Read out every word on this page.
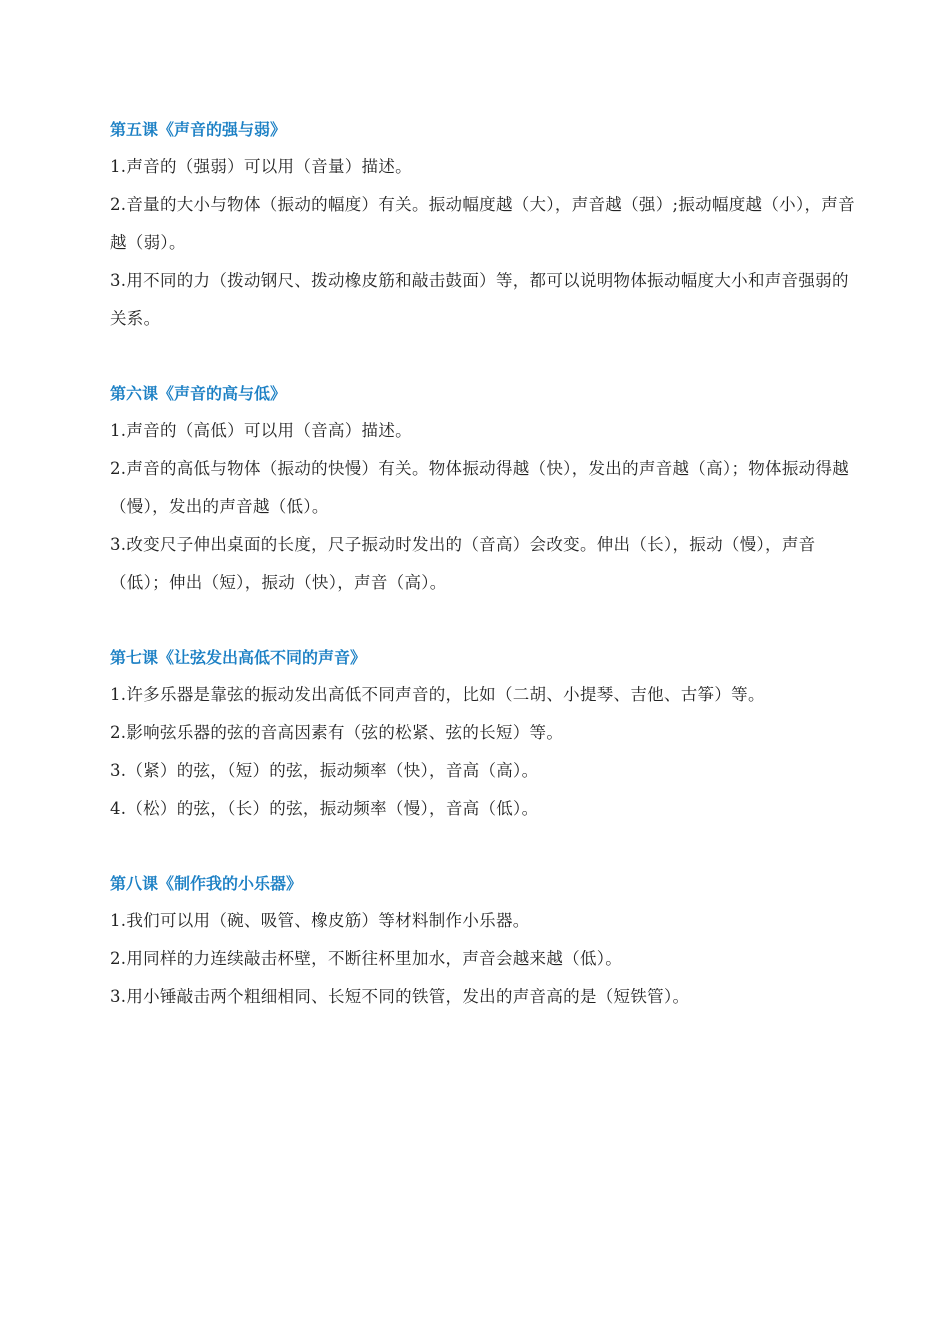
第五课《声音的强与弱》

1.声音的（强弱）可以用（音量）描述。

2.音量的大小与物体（振动的幅度）有关。振动幅度越（大），声音越（强）;振动幅度越（小），声音越（弱）。

3.用不同的力（拨动钢尺、拨动橡皮筋和敲击鼓面）等，都可以说明物体振动幅度大小和声音强弱的关系。

第六课《声音的高与低》

1.声音的（高低）可以用（音高）描述。

2.声音的高低与物体（振动的快慢）有关。物体振动得越（快），发出的声音越（高）；物体振动得越（慢），发出的声音越（低）。

3.改变尺子伸出桌面的长度，尺子振动时发出的（音高）会改变。伸出（长），振动（慢），声音（低）；伸出（短），振动（快），声音（高）。

第七课《让弦发出高低不同的声音》

1.许多乐器是靠弦的振动发出高低不同声音的，比如（二胡、小提琴、吉他、古筝）等。

2.影响弦乐器的弦的音高因素有（弦的松紧、弦的长短）等。

3.（紧）的弦，（短）的弦，振动频率（快），音高（高）。

4.（松）的弦，（长）的弦，振动频率（慢），音高（低）。

第八课《制作我的小乐器》

1.我们可以用（碗、吸管、橡皮筋）等材料制作小乐器。

2.用同样的力连续敲击杯壁，不断往杯里加水，声音会越来越（低）。

3.用小锤敲击两个粗细相同、长短不同的铁管，发出的声音高的是（短铁管）。
